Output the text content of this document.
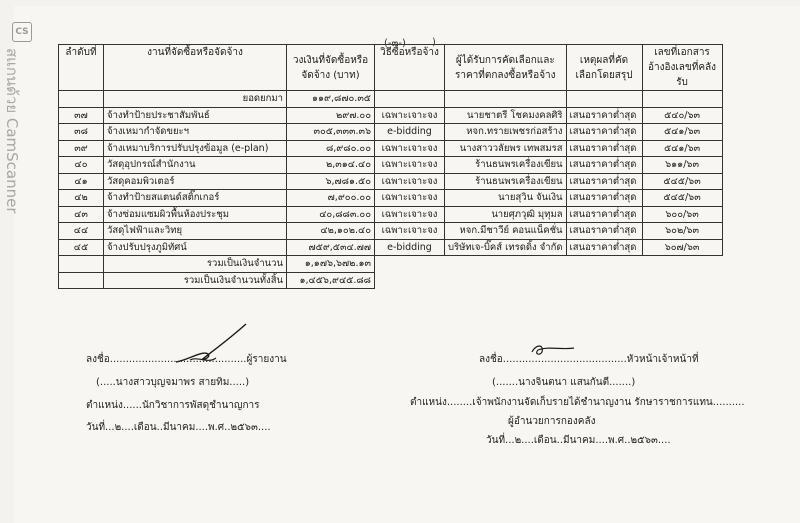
CS
สแกนด้วย CamScanner
(-๓-)	)
ลำดับที่	งานที่จัดซื้อหรือจัดจ้าง	วงเงินที่จัดซื้อหรือจัดจ้าง (บาท)	วิธีซื้อหรือจ้าง	ผู้ได้รับการคัดเลือกและราคาที่ตกลงซื้อหรือจ้าง	เหตุผลที่คัดเลือกโดยสรุป	เลขที่เอกสารอ้างอิงเลขที่คลังรับ
	ยอดยกมา	๑๑๙,๘๗๐.๓๕				
๓๗	จ้างทำป้ายประชาสัมพันธ์	๒๙๗.๐๐	เฉพาะเจาะจง	นายชาตรี โชคมงคลศิริ	เสนอราคาต่ำสุด	๕๔๐/๖๓
๓๘	จ้างเหมากำจัดขยะฯ	๓๐๕,๓๓๓.๓๖	e-bidding	หจก.ทรายเพชรก่อสร้าง	เสนอราคาต่ำสุด	๕๔๑/๖๓
๓๙	จ้างเหมาบริการปรับปรุงข้อมูล (e-plan)	๘,๙๘๐.๐๐	เฉพาะเจาะจง	นางสาววลัยพร เทพสมรส	เสนอราคาต่ำสุด	๕๔๑/๖๓
๔๐	วัสดุอุปกรณ์สำนักงาน	๒,๓๑๔.๔๐	เฉพาะเจาะจง	ร้านธนพรเครื่องเขียน	เสนอราคาต่ำสุด	๖๑๑/๖๓
๔๑	วัสดุคอมพิวเตอร์	๖,๗๘๑.๕๐	เฉพาะเจาะจง	ร้านธนพรเครื่องเขียน	เสนอราคาต่ำสุด	๕๔๕/๖๓
๔๒	จ้างทำป้ายสแตนด์สติ๊กเกอร์	๗,๙๐๐.๐๐	เฉพาะเจาะจง	นายสุวิน จันเงิน	เสนอราคาต่ำสุด	๕๔๕/๖๓
๔๓	จ้างซ่อมแซมผิวพื้นห้องประชุม	๔๐,๘๘๓.๐๐	เฉพาะเจาะจง	นายศุภวุฒิ มุทุมล	เสนอราคาต่ำสุด	๖๐๐/๖๓
๔๔	วัสดุไฟฟ้าและวิทยุ	๔๒,๑๐๒.๔๐	เฉพาะเจาะจง	หจก.มีชาวีย์ คอนแน็คชั่น	เสนอราคาต่ำสุด	๖๐๒/๖๓
๔๕	จ้างปรับปรุงภูมิทัศน์	๗๕๙,๕๓๔.๗๗	e-bidding	บริษัทเจ-บิ๊คส์ เทรดดิ้ง จำกัด	เสนอราคาต่ำสุด	๖๐๗/๖๓
	รวมเป็นเงินจำนวน	๑,๑๗๖,๖๗๒.๑๓				
	รวมเป็นเงินจำนวนทั้งสิ้น	๑,๔๕๖,๙๔๕.๘๘				
ลงชื่อ...........................................ผู้รายงาน
(.....นางสาวบุญจมาพร สายทิม.....)
ตำแหน่ง......นักวิชาการพัสดุชำนาญการ
วันที่...๒....เดือน..มีนาคม....พ.ศ..๒๕๖๓....
ลงชื่อ.......................................หัวหน้าเจ้าหน้าที่
(.......นางจินตนา แสนกันตี.......)
ตำแหน่ง........เจ้าพนักงานจัดเก็บรายได้ชำนาญงาน รักษาราชการแทน..........
ผู้อำนวยการกองคลัง
วันที่...๒....เดือน..มีนาคม....พ.ศ..๒๕๖๓....
